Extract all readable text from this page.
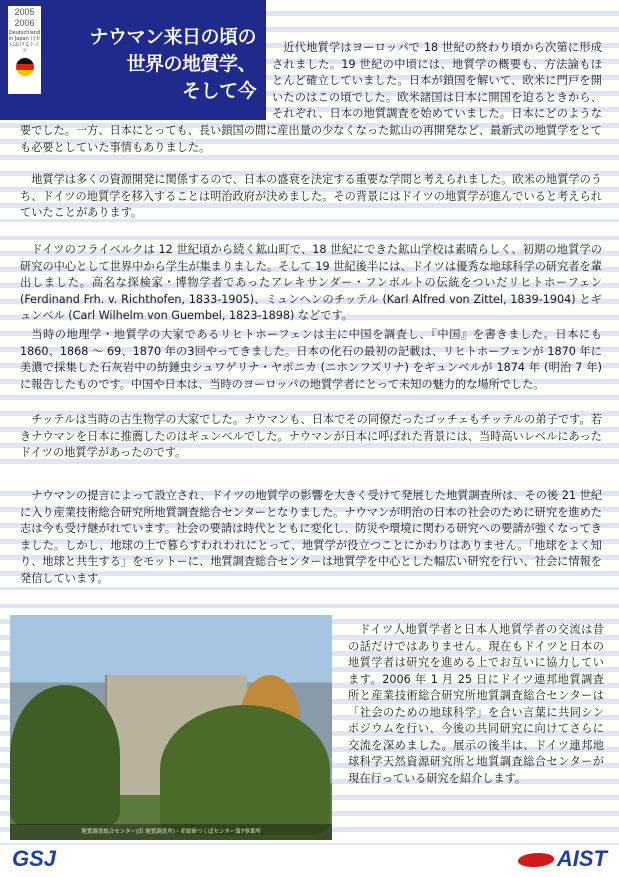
2005
2006
Deutschland in Japan 日本におけるドイツ
ナウマン来日の頃の
世界の地質学、
そして今

近代地質学はヨーロッパで 18 世紀の終わり頃から次第に形成されました。19 世紀の中頃には、地質学の概要も、方法論もほとんど確立していました。日本が鎖国を解いて、欧米に門戸を開いたのはこの頃でした。欧米諸国は日本に開国を迫るときから、それぞれ、日本の地質調査を始めていました。日本にどのような

要でした。一方、日本にとっても、長い鎖国の間に産出量の少なくなった鉱山の再開発など、最新式の地質学をとても必要としていた事情もありました。

地質学は多くの資源開発に関係するので、日本の盛衰を決定する重要な学問と考えられました。欧米の地質学のうち、ドイツの地質学を移入することは明治政府が決めました。その背景にはドイツの地質学が進んでいると考えられていたことがあります。

ドイツのフライベルクは 12 世紀頃から続く鉱山町で、18 世紀にできた鉱山学校は素晴らしく、初期の地質学の研究の中心として世界中から学生が集まりました。そして 19 世紀後半には、ドイツは優秀な地球科学の研究者を輩出しました。高名な探検家・博物学者であったアレキサンダー・フンボルトの伝統をついだリヒトホーフェン (Ferdinand Frh. v. Richthofen, 1833-1905)、ミュンヘンのチッテル (Karl Alfred von Zittel, 1839-1904) とギュンベル (Carl Wilhelm von Guembel, 1823-1898) などです。

当時の地理学・地質学の大家であるリヒトホーフェンは主に中国を調査し、『中国』を書きました。日本にも 1860、1868 ～ 69、1870 年の3回やってきました。日本の化石の最初の記載は、リヒトホーフェンが 1870 年に美濃で採集した石灰岩中の紡錘虫シュワゲリナ・ヤポニカ (ニホンフズリナ) をギュンベルが 1874 年 (明治 7 年) に報告したものです。中国や日本は、当時のヨーロッパの地質学者にとって未知の魅力的な場所でした。

チッテルは当時の古生物学の大家でした。ナウマンも、日本でその同僚だったゴッチェもチッテルの弟子です。若きナウマンを日本に推薦したのはギュンベルでした。ナウマンが日本に呼ばれた背景には、当時高いレベルにあったドイツの地質学があったのです。

ナウマンの提言によって設立され、ドイツの地質学の影響を大きく受けて発展した地質調査所は、その後 21 世紀に入り産業技術総合研究所地質調査総合センターとなりました。ナウマンが明治の日本の社会のために研究を進めた志は今も受け継がれています。社会の要請は時代とともに変化し、防災や環境に関わる研究への要請が強くなってきました。しかし、地球の上で暮らすわれわれにとって、地質学が役立つことにかわりはありません。「地球をよく知り、地球と共生する」をモットーに、地質調査総合センターは地質学を中心とした幅広い研究を行い、社会に情報を発信しています。

ドイツ人地質学者と日本人地質学者の交流は昔の話だけではありません。現在もドイツと日本の地質学者は研究を進める上でお互いに協力しています。2006 年 1 月 25 日にドイツ連邦地質調査所と産業技術総合研究所地質調査総合センターは「社会のための地球科学」を合い言葉に共同シンポジウムを行い、今後の共同研究に向けてさらに交流を深めました。展示の後半は、ドイツ連邦地球科学天然資源研究所と地質調査総合センターが現在行っている研究を紹介します。

地質調査総合センター(旧 地質調査所)・産総研つくばセンター第7事業所
GSJ	AIST
